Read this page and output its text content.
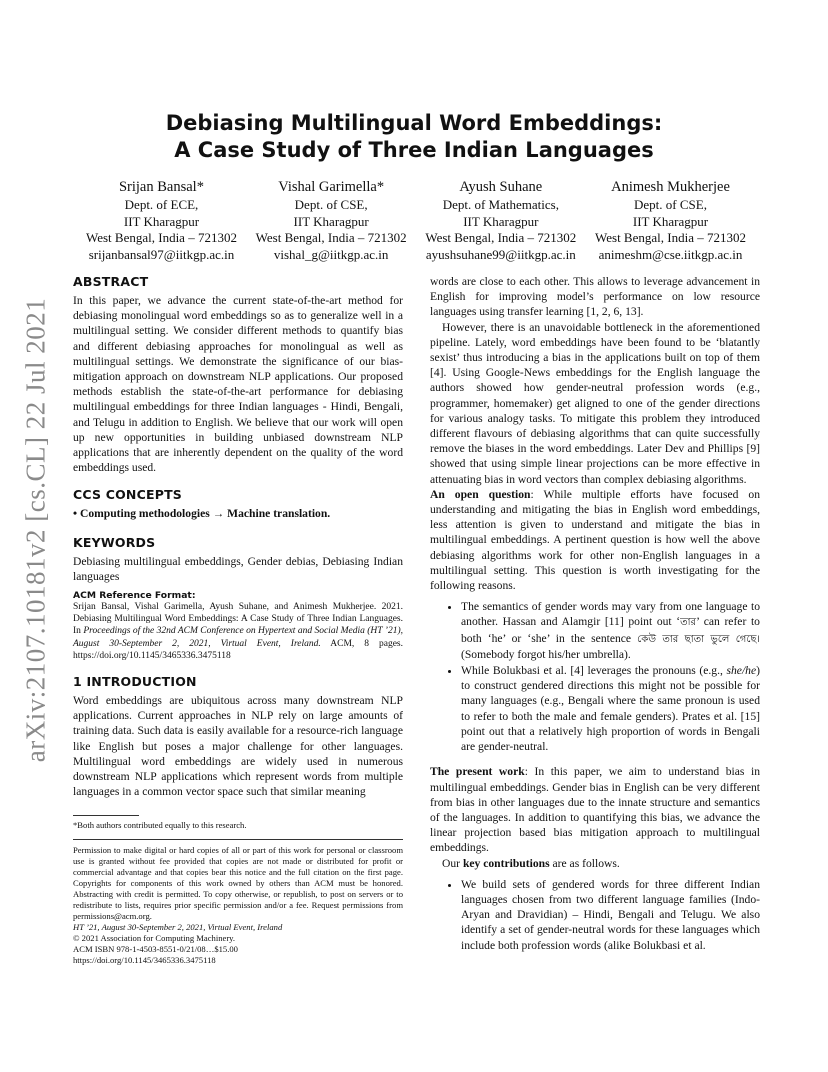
arXiv:2107.10181v2 [cs.CL] 22 Jul 2021
Debiasing Multilingual Word Embeddings:
A Case Study of Three Indian Languages
Srijan Bansal*
Dept. of ECE,
IIT Kharagpur
West Bengal, India – 721302
srijanbansal97@iitkgp.ac.in
Vishal Garimella*
Dept. of CSE,
IIT Kharagpur
West Bengal, India – 721302
vishal_g@iitkgp.ac.in
Ayush Suhane
Dept. of Mathematics,
IIT Kharagpur
West Bengal, India – 721302
ayushsuhane99@iitkgp.ac.in
Animesh Mukherjee
Dept. of CSE,
IIT Kharagpur
West Bengal, India – 721302
animeshm@cse.iitkgp.ac.in
ABSTRACT

In this paper, we advance the current state-of-the-art method for debiasing monolingual word embeddings so as to generalize well in a multilingual setting. We consider different methods to quantify bias and different debiasing approaches for monolingual as well as multilingual settings. We demonstrate the significance of our bias-mitigation approach on downstream NLP applications. Our proposed methods establish the state-of-the-art performance for debiasing multilingual embeddings for three Indian languages - Hindi, Bengali, and Telugu in addition to English. We believe that our work will open up new opportunities in building unbiased downstream NLP applications that are inherently dependent on the quality of the word embeddings used.

CCS CONCEPTS

• Computing methodologies → Machine translation.

KEYWORDS

Debiasing multilingual embeddings, Gender debias, Debiasing Indian languages

ACM Reference Format:
Srijan Bansal, Vishal Garimella, Ayush Suhane, and Animesh Mukherjee. 2021. Debiasing Multilingual Word Embeddings: A Case Study of Three Indian Languages. In Proceedings of the 32nd ACM Conference on Hypertext and Social Media (HT ’21), August 30-September 2, 2021, Virtual Event, Ireland. ACM, 8 pages. https://doi.org/10.1145/3465336.3475118
1 INTRODUCTION

Word embeddings are ubiquitous across many downstream NLP applications. Current approaches in NLP rely on large amounts of training data. Such data is easily available for a resource-rich language like English but poses a major challenge for other languages. Multilingual word embeddings are widely used in numerous downstream NLP applications which represent words from multiple languages in a common vector space such that similar meaning

*Both authors contributed equally to this research.
Permission to make digital or hard copies of all or part of this work for personal or classroom use is granted without fee provided that copies are not made or distributed for profit or commercial advantage and that copies bear this notice and the full citation on the first page. Copyrights for components of this work owned by others than ACM must be honored. Abstracting with credit is permitted. To copy otherwise, or republish, to post on servers or to redistribute to lists, requires prior specific permission and/or a fee. Request permissions from permissions@acm.org.
HT ’21, August 30-September 2, 2021, Virtual Event, Ireland
© 2021 Association for Computing Machinery.
ACM ISBN 978-1-4503-8551-0/21/08…$15.00
https://doi.org/10.1145/3465336.3475118

words are close to each other. This allows to leverage advancement in English for improving model’s performance on low resource languages using transfer learning [1, 2, 6, 13].

However, there is an unavoidable bottleneck in the aforementioned pipeline. Lately, word embeddings have been found to be ‘blatantly sexist’ thus introducing a bias in the applications built on top of them [4]. Using Google-News embeddings for the English language the authors showed how gender-neutral profession words (e.g., programmer, homemaker) get aligned to one of the gender directions for various analogy tasks. To mitigate this problem they introduced different flavours of debiasing algorithms that can quite successfully remove the biases in the word embeddings. Later Dev and Phillips [9] showed that using simple linear projections can be more effective in attenuating bias in word vectors than complex debiasing algorithms.

An open question: While multiple efforts have focused on understanding and mitigating the bias in English word embeddings, less attention is given to understand and mitigate the bias in multilingual embeddings. A pertinent question is how well the above debiasing algorithms work for other non-English languages in a multilingual setting. This question is worth investigating for the following reasons.

• The semantics of gender words may vary from one language to another. Hassan and Alamgir [11] point out ‘তার’ can refer to both ‘he’ or ‘she’ in the sentence কেউ তার ছাতা ভুলে গেছে। (Somebody forgot his/her umbrella).
• While Bolukbasi et al. [4] leverages the pronouns (e.g., she/he) to construct gendered directions this might not be possible for many languages (e.g., Bengali where the same pronoun is used to refer to both the male and female genders). Prates et al. [15] point out that a relatively high proportion of words in Bengali are gender-neutral.

The present work: In this paper, we aim to understand bias in multilingual embeddings. Gender bias in English can be very different from bias in other languages due to the innate structure and semantics of the languages. In addition to quantifying this bias, we advance the linear projection based bias mitigation approach to multilingual embeddings.

Our key contributions are as follows.

• We build sets of gendered words for three different Indian languages chosen from two different language families (Indo-Aryan and Dravidian) – Hindi, Bengali and Telugu. We also identify a set of gender-neutral words for these languages which include both profession words (alike Bolukbasi et al.
